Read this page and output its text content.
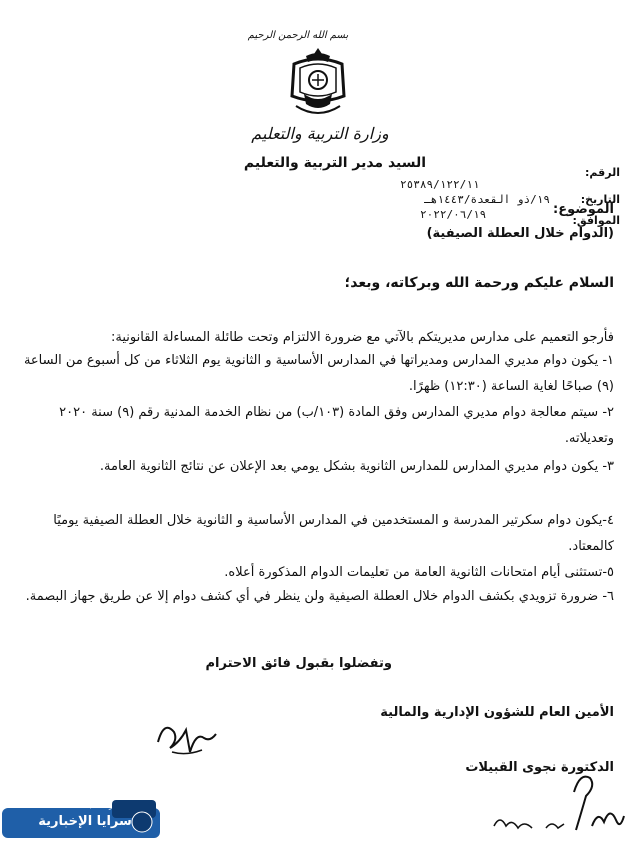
بسم الله الرحمن الرحيم
وزارة التربية والتعليم
السيد مدير التربية والتعليم
الرقم:
٢٥٣٨٩/١٢٢/١١
التاريخ:
١٩/ذو القعدة/١٤٤٣هـ
الموافق:
٢٠٢٢/٠٦/١٩	الموضوع:
(الدوام خلال العطلة الصيفية)
السلام عليكم ورحمة الله وبركاته، وبعد؛
فأرجو التعميم على مدارس مديريتكم بالآتي مع ضرورة الالتزام وتحت طائلة المساءلة القانونية:
١- يكون دوام مديري المدارس ومديراتها في المدارس الأساسية و الثانوية يوم الثلاثاء من كل أسبوع من الساعة (٩) صباحًا لغاية الساعة (١٢:٣٠) ظهرًا.
٢- سيتم معالجة دوام مديري المدارس وفق المادة (١٠٣/ب) من نظام الخدمة المدنية رقم (٩) سنة ٢٠٢٠ وتعديلاته.
٣- يكون دوام مديري المدارس للمدارس الثانوية بشكل يومي بعد الإعلان عن نتائج الثانوية العامة.
٤-يكون دوام سكرتير المدرسة و المستخدمين في المدارس الأساسية و الثانوية خلال العطلة الصيفية يوميًا كالمعتاد.
٥-تستثنى أيام امتحانات الثانوية العامة من تعليمات الدوام المذكورة أعلاه.
٦- ضرورة تزويدي بكشف الدوام خلال العطلة الصيفية ولن ينظر في أي كشف دوام إلا عن طريق جهاز البصمة.
وتفضلوا بقبول فائق الاحترام
الأمين العام للشؤون الإدارية والمالية
الدكتورة نجوى القبيلات
وكالة أنباء
سرايا الإخبارية
